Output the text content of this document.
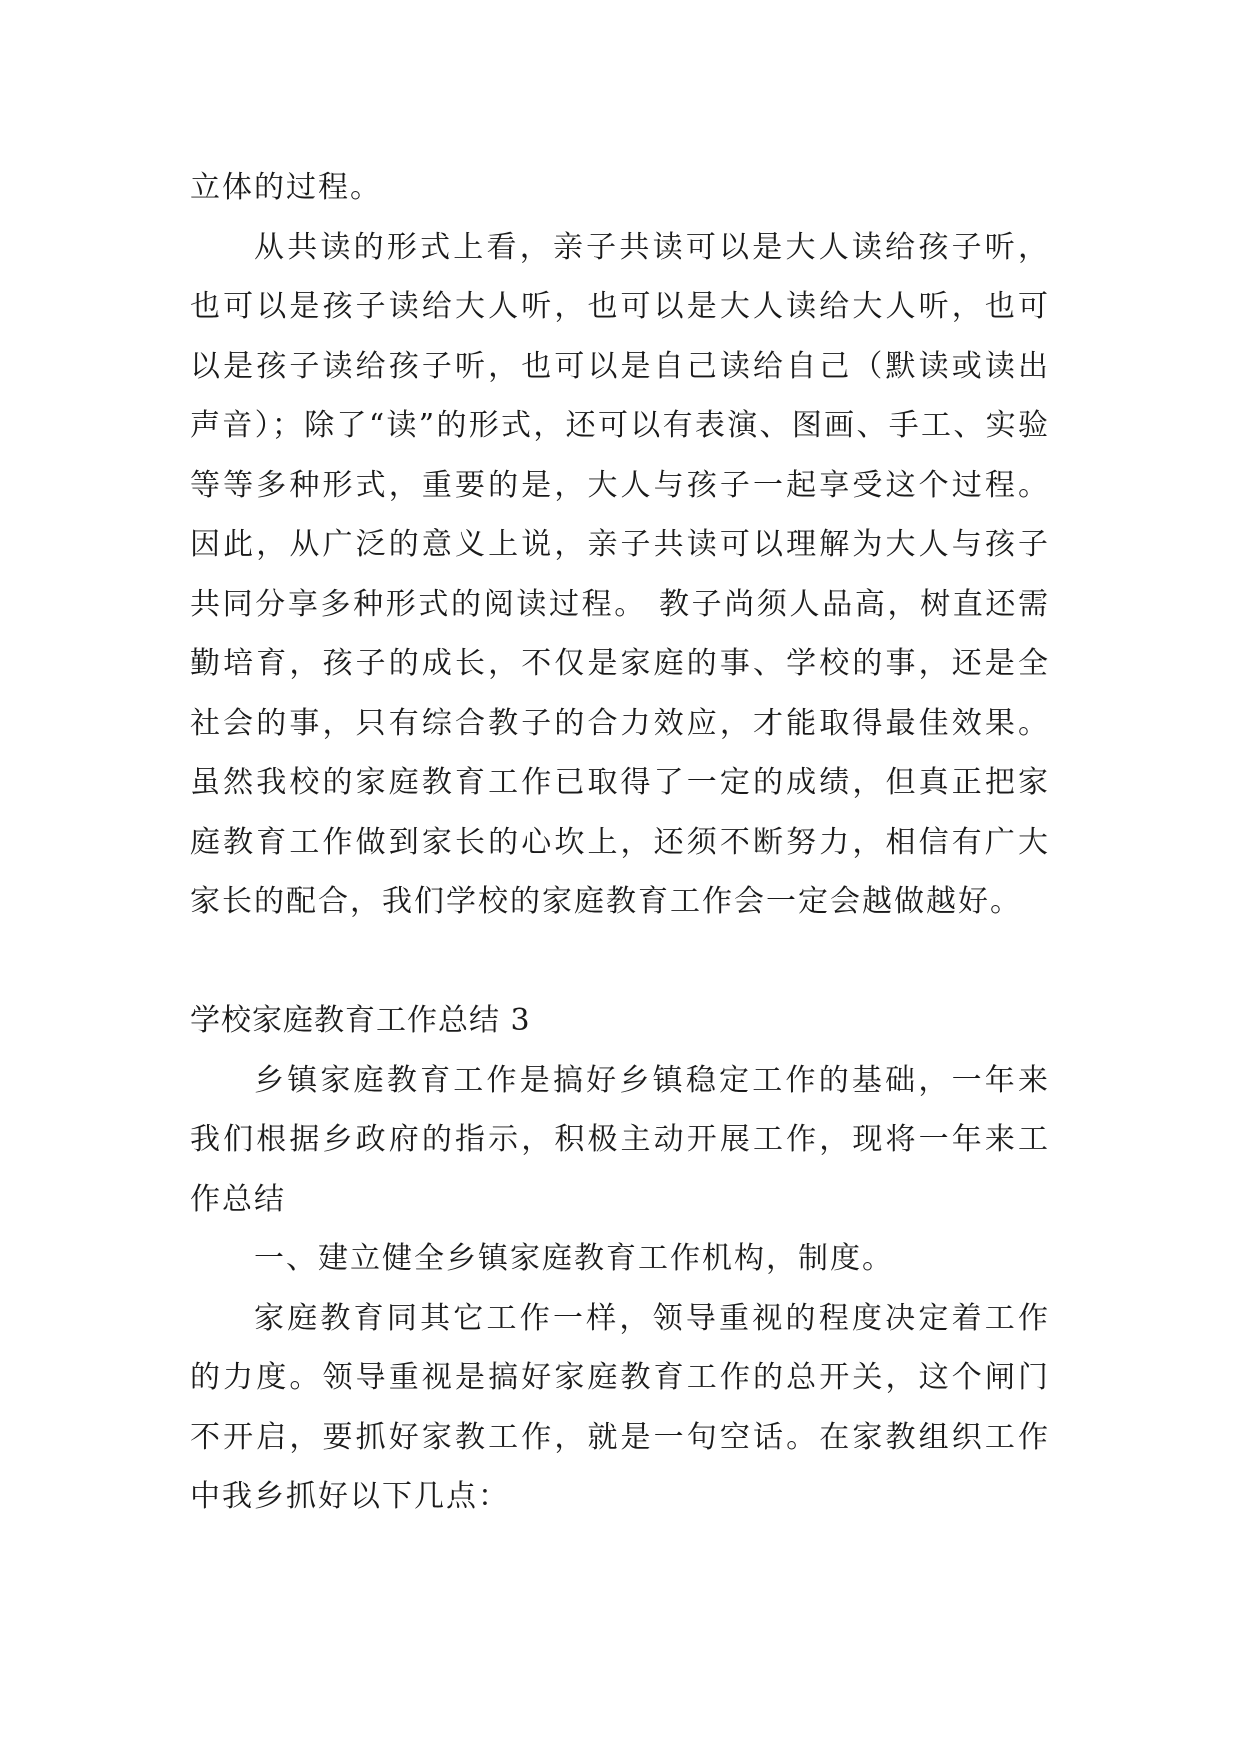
立体的过程。

从共读的形式上看，亲子共读可以是大人读给孩子听，也可以是孩子读给大人听，也可以是大人读给大人听，也可以是孩子读给孩子听，也可以是自己读给自己（默读或读出声音）；除了“读”的形式，还可以有表演、图画、手工、实验等等多种形式，重要的是，大人与孩子一起享受这个过程。 因此，从广泛的意义上说，亲子共读可以理解为大人与孩子共同分享多种形式的阅读过程。 教子尚须人品高，树直还需勤培育，孩子的成长，不仅是家庭的事、学校的事，还是全社会的事，只有综合教子的合力效应，才能取得最佳效果。虽然我校的家庭教育工作已取得了一定的成绩，但真正把家庭教育工作做到家长的心坎上，还须不断努力，相信有广大家长的配合，我们学校的家庭教育工作会一定会越做越好。

学校家庭教育工作总结 3

乡镇家庭教育工作是搞好乡镇稳定工作的基础，一年来我们根据乡政府的指示，积极主动开展工作，现将一年来工作总结

一、建立健全乡镇家庭教育工作机构，制度。

家庭教育同其它工作一样，领导重视的程度决定着工作的力度。领导重视是搞好家庭教育工作的总开关，这个闸门不开启，要抓好家教工作，就是一句空话。在家教组织工作中我乡抓好以下几点：
